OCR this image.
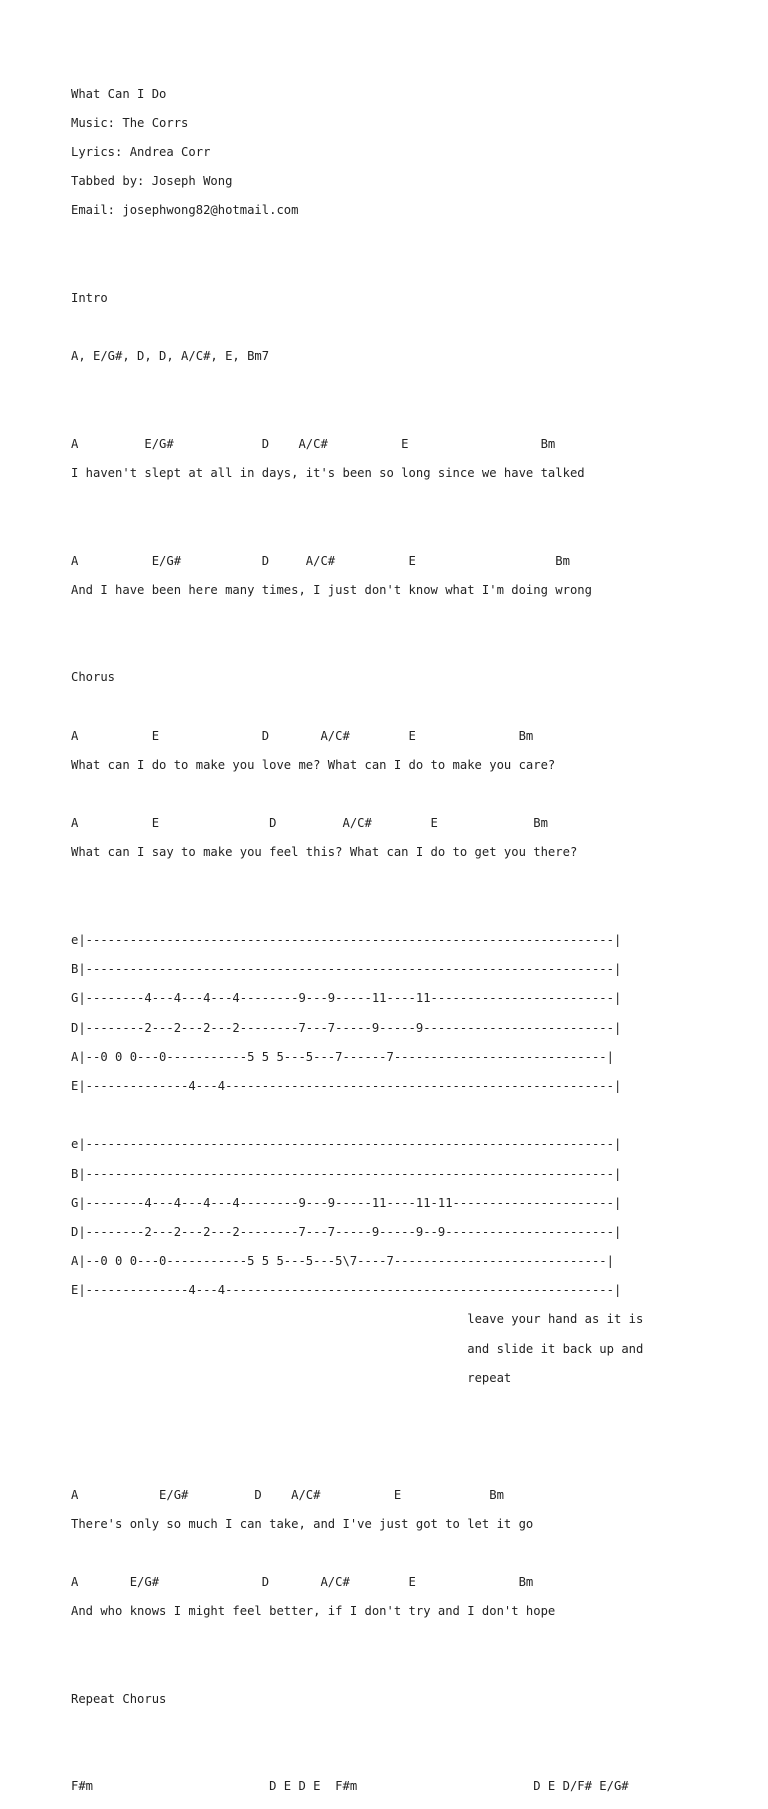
What Can I Do

Music: The Corrs

Lyrics: Andrea Corr

Tabbed by: Joseph Wong

Email: josephwong82@hotmail.com

Intro

A, E/G#, D, D, A/C#, E, Bm7

A         E/G#            D    A/C#          E                  Bm

I haven't slept at all in days, it's been so long since we have talked

A          E/G#           D     A/C#          E                   Bm

And I have been here many times, I just don't know what I'm doing wrong

Chorus

A          E              D       A/C#        E              Bm

What can I do to make you love me? What can I do to make you care?

A          E               D         A/C#        E             Bm

What can I say to make you feel this? What can I do to get you there?

e|------------------------------------------------------------------------|

B|------------------------------------------------------------------------|

G|--------4---4---4---4--------9---9-----11----11-------------------------|

D|--------2---2---2---2--------7---7-----9-----9--------------------------|

A|--0 0 0---0-----------5 5 5---5---7------7-----------------------------|

E|--------------4---4-----------------------------------------------------|

e|------------------------------------------------------------------------|

B|------------------------------------------------------------------------|

G|--------4---4---4---4--------9---9-----11----11-11----------------------|

D|--------2---2---2---2--------7---7-----9-----9--9-----------------------|

A|--0 0 0---0-----------5 5 5---5---5\7----7-----------------------------|

E|--------------4---4-----------------------------------------------------|

leave your hand as it is

and slide it back up and

repeat

A           E/G#         D    A/C#          E            Bm

There's only so much I can take, and I've just got to let it go

A       E/G#              D       A/C#        E              Bm

And who knows I might feel better, if I don't try and I don't hope

Repeat Chorus

F#m                        D E D E  F#m                        D E D/F# E/G#
